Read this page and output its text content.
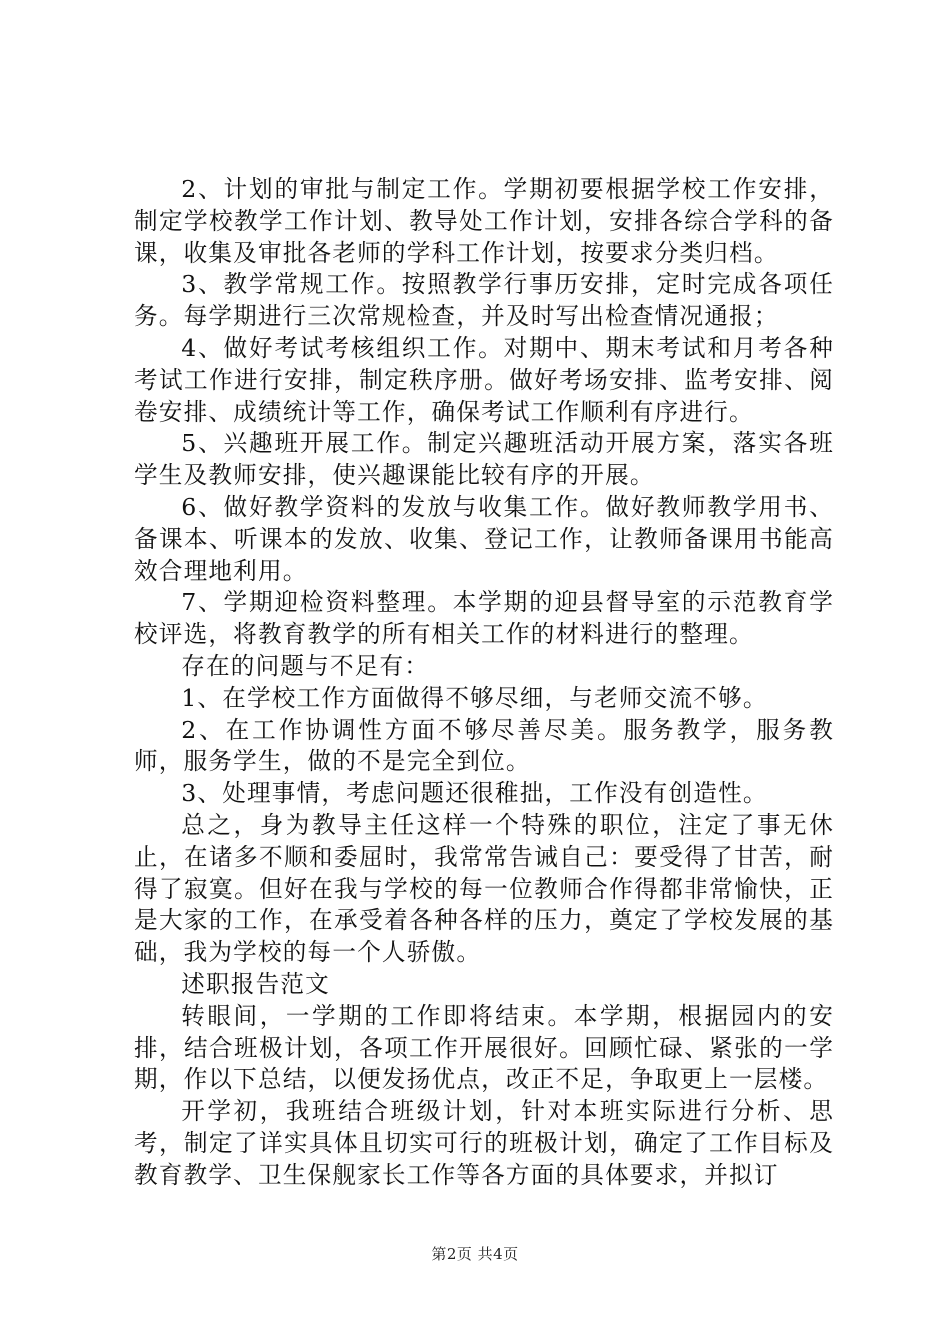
2、计划的审批与制定工作。学期初要根据学校工作安排，制定学校教学工作计划、教导处工作计划，安排各综合学科的备课，收集及审批各老师的学科工作计划，按要求分类归档。

3、教学常规工作。按照教学行事历安排，定时完成各项任务。每学期进行三次常规检查，并及时写出检查情况通报；

4、做好考试考核组织工作。对期中、期末考试和月考各种考试工作进行安排，制定秩序册。做好考场安排、监考安排、阅卷安排、成绩统计等工作，确保考试工作顺利有序进行。

5、兴趣班开展工作。制定兴趣班活动开展方案，落实各班学生及教师安排，使兴趣课能比较有序的开展。

6、做好教学资料的发放与收集工作。做好教师教学用书、备课本、听课本的发放、收集、登记工作，让教师备课用书能高效合理地利用。

7、学期迎检资料整理。本学期的迎县督导室的示范教育学校评选，将教育教学的所有相关工作的材料进行的整理。

存在的问题与不足有：

1、在学校工作方面做得不够尽细，与老师交流不够。

2、在工作协调性方面不够尽善尽美。服务教学，服务教师，服务学生，做的不是完全到位。

3、处理事情，考虑问题还很稚拙，工作没有创造性。

总之，身为教导主任这样一个特殊的职位，注定了事无休止，在诸多不顺和委屈时，我常常告诫自己：要受得了甘苦，耐得了寂寞。但好在我与学校的每一位教师合作得都非常愉快，正是大家的工作，在承受着各种各样的压力，奠定了学校发展的基础，我为学校的每一个人骄傲。

述职报告范文

转眼间，一学期的工作即将结束。本学期，根据园内的安排，结合班极计划，各项工作开展很好。回顾忙碌、紧张的一学期，作以下总结，以便发扬优点，改正不足，争取更上一层楼。

开学初，我班结合班级计划，针对本班实际进行分析、思考，制定了详实具体且切实可行的班极计划，确定了工作目标及教育教学、卫生保舰家长工作等各方面的具体要求，并拟订

第2页 共4页
